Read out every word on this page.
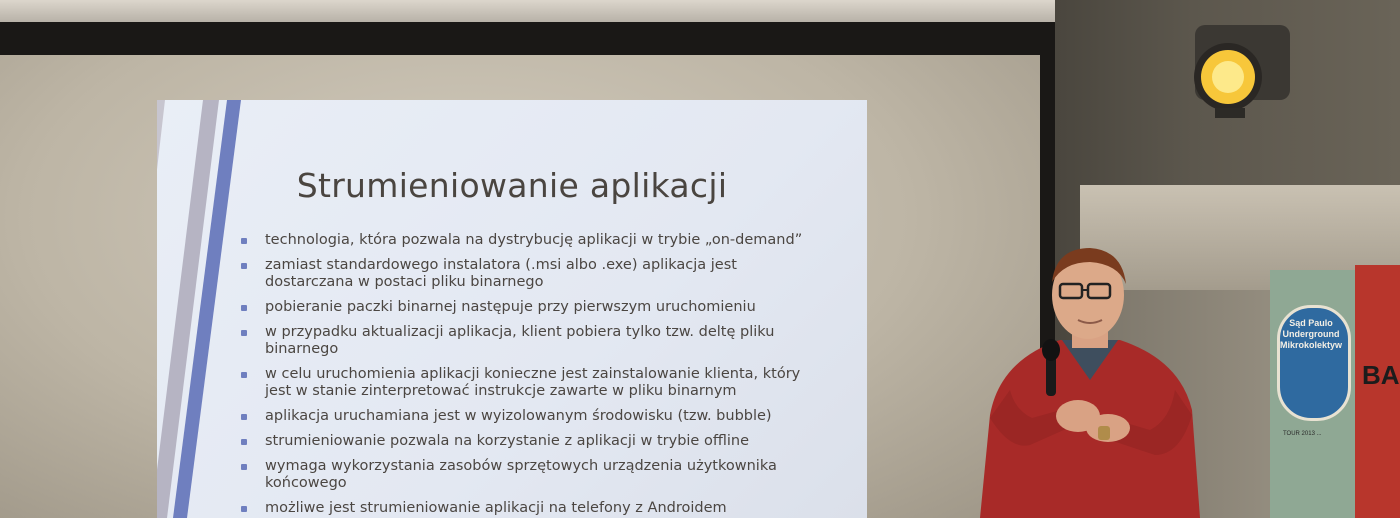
Strumieniowanie aplikacji
technologia, która pozwala na dystrybucję aplikacji w trybie „on-demand”
zamiast standardowego instalatora (.msi albo .exe) aplikacja jest dostarczana w postaci pliku binarnego
pobieranie paczki binarnej następuje przy pierwszym uruchomieniu
w przypadku aktualizacji aplikacja, klient pobiera tylko tzw. deltę pliku binarnego
w celu uruchomienia aplikacji konieczne jest zainstalowanie klienta, który jest w stanie zinterpretować instrukcje zawarte w pliku binarnym
aplikacja uruchamiana jest w wyizolowanym środowisku (tzw. bubble)
strumieniowanie pozwala na korzystanie z aplikacji w trybie offline
wymaga wykorzystania zasobów sprzętowych urządzenia użytkownika końcowego
możliwe jest strumieniowanie aplikacji na telefony z Androidem
Sąd Paulo
Underground
Mikrokolektyw
TOUR 2013 ...
BA
